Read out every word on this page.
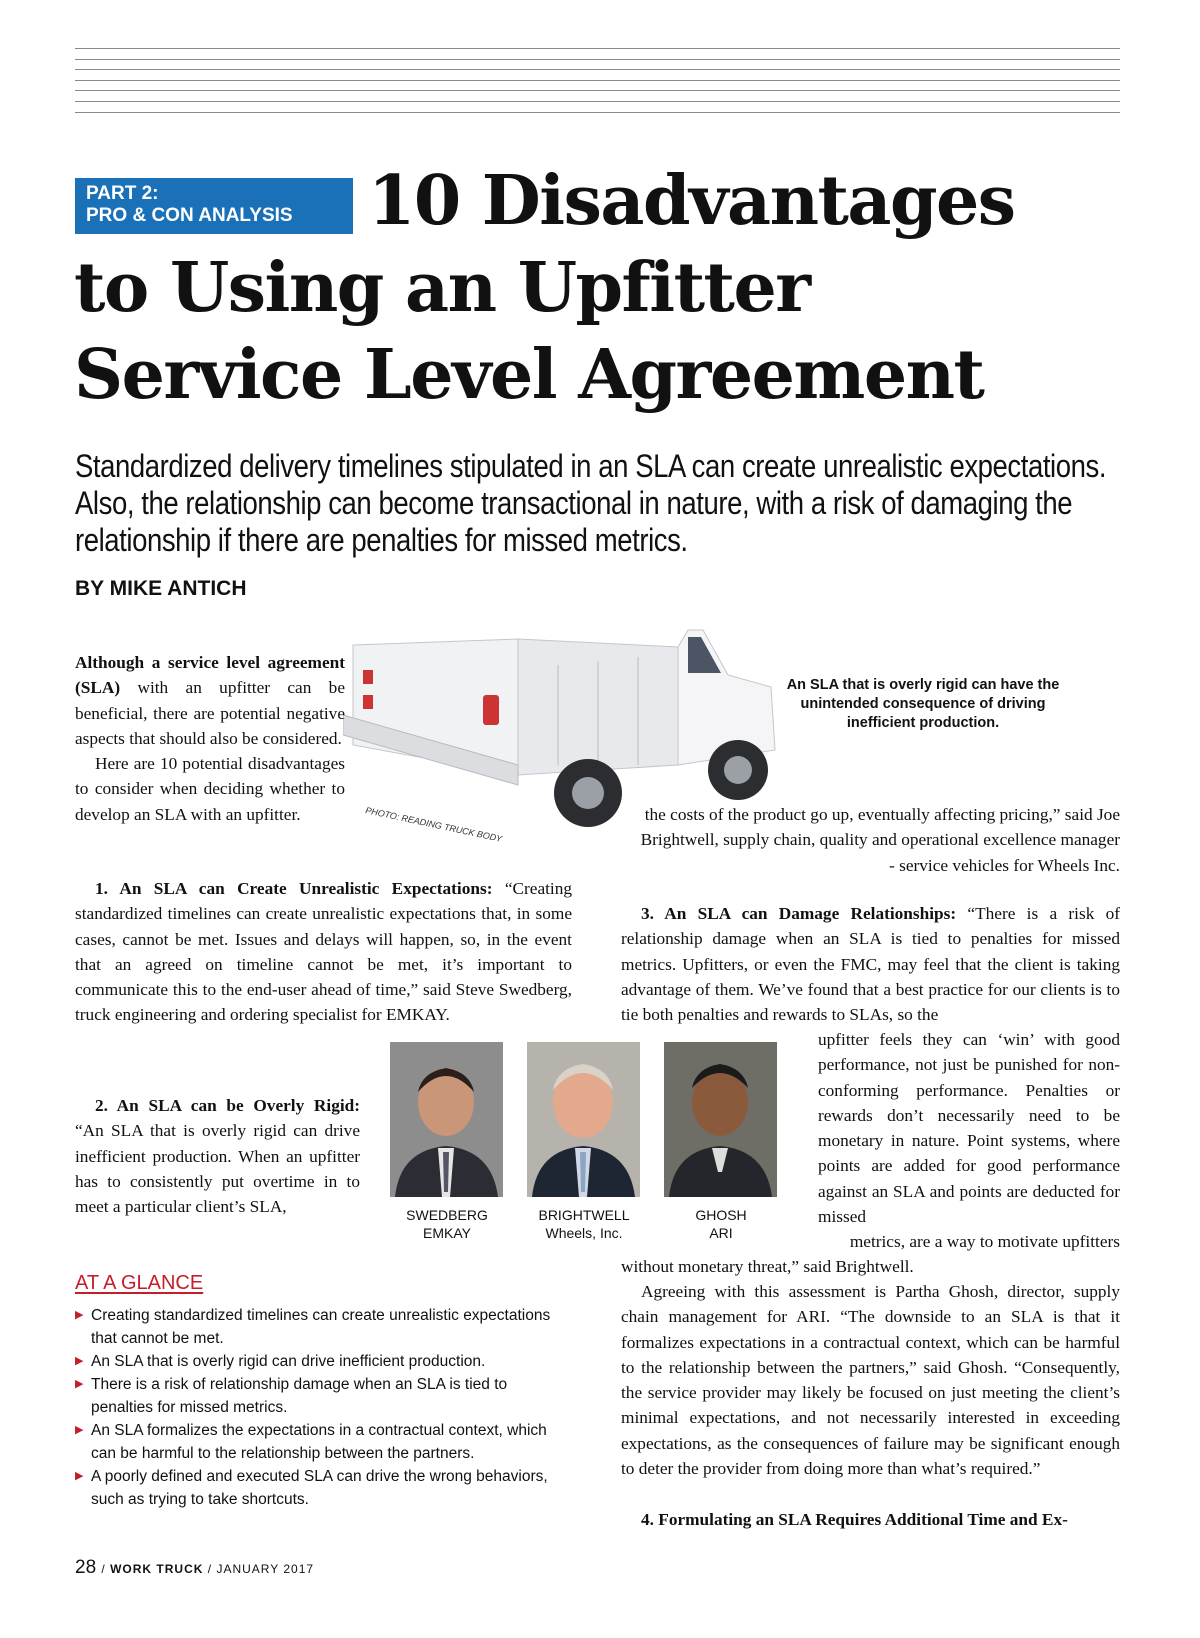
PART 2:
PRO & CON ANALYSIS	10 Disadvantages
to Using an Upfitter
Service Level Agreement
Standardized delivery timelines stipulated in an SLA can create unrealistic expectations. Also, the relationship can become transactional in nature, with a risk of damaging the relationship if there are penalties for missed metrics.
BY MIKE ANTICH
PHOTO: READING TRUCK BODY
An SLA that is overly rigid can have the unintended consequence of driving inefficient production.

Although a service level agreement (SLA) with an upfitter can be beneficial, there are potential negative aspects that should also be considered.

Here are 10 potential disadvantages to consider when deciding whether to develop an SLA with an upfitter.

1. An SLA can Create Unrealistic Expectations: “Creating standardized timelines can create unrealistic expectations that, in some cases, cannot be met. Issues and delays will happen, so, in the event that an agreed on timeline cannot be met, it’s important to communicate this to the end-user ahead of time,” said Steve Swedberg, truck engineering and ordering specialist for EMKAY.

2. An SLA can be Overly Rigid: “An SLA that is overly rigid can drive inefficient production. When an upfitter has to consistently put overtime in to meet a particular client’s SLA,	SWEDBERG
EMKAY
BRIGHTWELL
Wheels, Inc.
GHOSH
ARI
the costs of the product go up, eventually affecting pricing,” said Joe Brightwell, supply chain, quality and operational excellence manager - service vehicles for Wheels Inc.

3. An SLA can Damage Relationships: “There is a risk of relationship damage when an SLA is tied to penalties for missed metrics. Upfitters, or even the FMC, may feel that the client is taking advantage of them. We’ve found that a best practice for our clients is to tie both penalties and rewards to SLAs, so the

upfitter feels they can ‘win’ with good performance, not just be punished for non-conforming performance. Penalties or rewards don’t necessarily need to be monetary in nature. Point systems, where points are added for good performance against an SLA and points are deducted for missed
metrics, are a way to motivate upfitters
without monetary threat,” said Brightwell.

Agreeing with this assessment is Partha Ghosh, director, supply chain management for ARI. “The downside to an SLA is that it formalizes expectations in a contractual context, which can be harmful to the relationship between the partners,” said Ghosh. “Consequently, the service provider may likely be focused on just meeting the client’s minimal expectations, and not necessarily interested in exceeding expectations, as the consequences of failure may be significant enough to deter the provider from doing more than what’s required.”

4. Formulating an SLA Requires Additional Time and Ex-

AT A GLANCE
▶ Creating standardized timelines can create unrealistic expectations that cannot be met.
▶ An SLA that is overly rigid can drive inefficient production.
▶ There is a risk of relationship damage when an SLA is tied to penalties for missed metrics.
▶ An SLA formalizes the expectations in a contractual context, which can be harmful to the relationship between the partners.
▶ A poorly defined and executed SLA can drive the wrong behaviors, such as trying to take shortcuts.
28 / WORK TRUCK / JANUARY 2017
